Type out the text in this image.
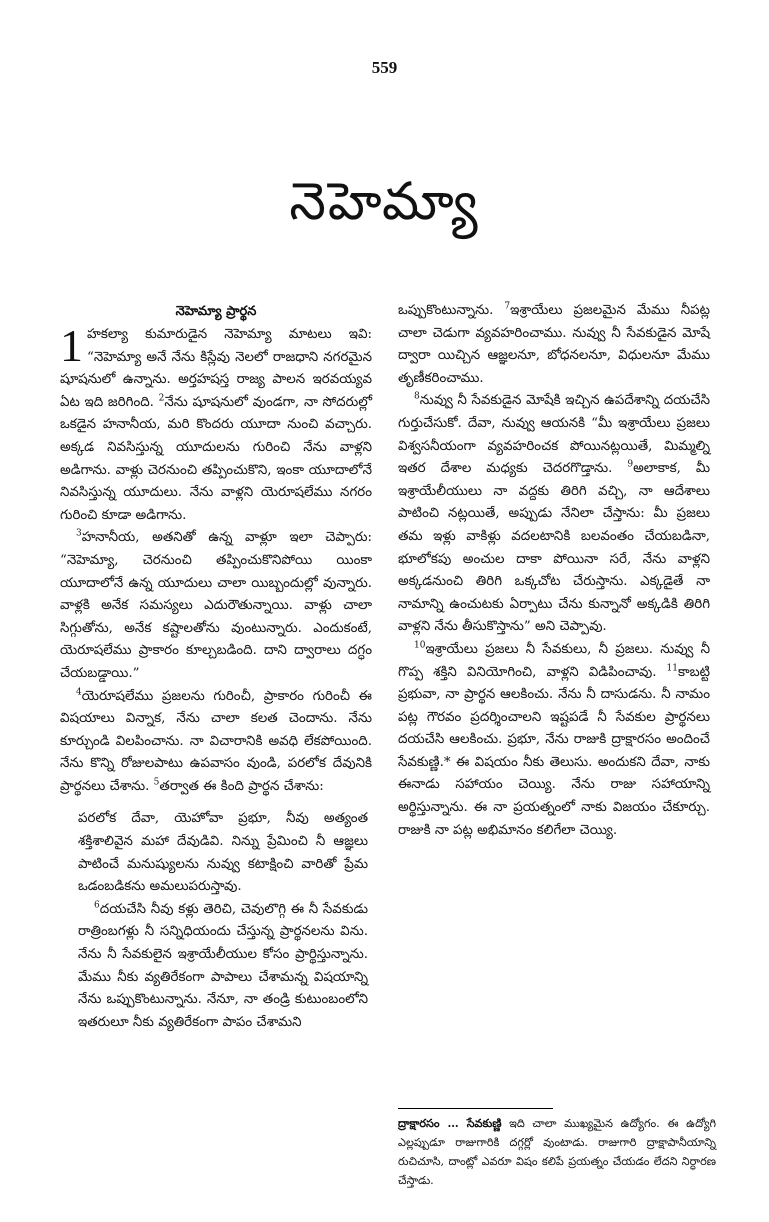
559
నెహెమ్యా
నెహెమ్యా ప్రార్థన

1 హకల్యా కుమారుడైన నెహెమ్యా మాటలు ఇవి: “నెహెమ్యా అనే నేను కిస్లేవు నెలలో రాజధాని నగరమైన షూషనులో ఉన్నాను. అర్తహషస్త రాజ్య పాలన ఇరవయ్యవ ఏట ఇది జరిగింది. $^2$నేను షూషనులో వుండగా, నా సోదరుల్లో ఒకడైన హనానీయ, మరి కొందరు యూదా నుంచి వచ్చారు. అక్కడ నివసిస్తున్న యూదులను గురించి నేను వాళ్లని అడిగాను. వాళ్లు చెరనుంచి తప్పించుకొని, ఇంకా యూదాలోనే నివసిస్తున్న యూదులు. నేను వాళ్లని యెరూషలేము నగరం గురించి కూడా అడిగాను.

$^3$హనానీయ, అతనితో ఉన్న వాళ్లూ ఇలా చెప్పారు: “నెహెమ్యా, చెరనుంచి తప్పించుకొనిపోయి యింకా యూదాలోనే ఉన్న యూదులు చాలా యిబ్బందుల్లో వున్నారు. వాళ్లకి అనేక సమస్యలు ఎదురౌతున్నాయి. వాళ్లు చాలా సిగ్గుతోను, అనేక కష్టాలతోను వుంటున్నారు. ఎందుకంటే, యెరూషలేము ప్రాకారం కూల్చబడింది. దాని ద్వారాలు దగ్ధం చేయబడ్డాయి.”

$^4$యెరూషలేము ప్రజలను గురించీ, ప్రాకారం గురించీ ఈ విషయాలు విన్నాక, నేను చాలా కలత చెందాను. నేను కూర్చుండి విలపించాను. నా విచారానికి అవధి లేకపోయింది. నేను కొన్ని రోజులపాటు ఉపవాసం వుండి, పరలోక దేవునికి ప్రార్థనలు చేశాను. $^5$తర్వాత ఈ కింది ప్రార్థన చేశాను:

పరలోక దేవా, యెహోవా ప్రభూ, నీవు అత్యంత శక్తిశాలివైన మహా దేవుడివి. నిన్ను ప్రేమించి నీ ఆజ్ఞలు పాటించే మనుష్యులను నువ్వు కటాక్షించి వారితో ప్రేమ ఒడంబడికను అమలుపరుస్తావు.

$^6$దయచేసి నీవు కళ్లు తెరిచి, చెవులొగ్గి ఈ నీ సేవకుడు రాత్రింబగళ్లు నీ సన్నిధియందు చేస్తున్న ప్రార్థనలను విను. నేను నీ సేవకులైన ఇశ్రాయేలీయుల కోసం ప్రార్థిస్తున్నాను. మేము నీకు వ్యతిరేకంగా పాపాలు చేశామన్న విషయాన్ని నేను ఒప్పుకొంటున్నాను. నేనూ, నా తండ్రి కుటుంబంలోని ఇతరులూ నీకు వ్యతిరేకంగా పాపం చేశామని

ఒప్పుకొంటున్నాను. $^7$ఇశ్రాయేలు ప్రజలమైన మేము నీపట్ల చాలా చెడుగా వ్యవహరించాము. నువ్వు నీ సేవకుడైన మోషే ద్వారా యిచ్చిన ఆజ్ఞలనూ, బోధనలనూ, విధులనూ మేము తృణీకరించాము.

$^8$నువ్వు నీ సేవకుడైన మోషేకి ఇచ్చిన ఉపదేశాన్ని దయచేసి గుర్తుచేసుకో. దేవా, నువ్వు ఆయనకి “మీ ఇశ్రాయేలు ప్రజలు విశ్వసనీయంగా వ్యవహరించక పోయినట్లయితే, మిమ్మల్ని ఇతర దేశాల మధ్యకు చెదరగొడ్తాను. $^9$అలాకాక, మీ ఇశ్రాయేలీయులు నా వద్దకు తిరిగి వచ్చి, నా ఆదేశాలు పాటించి నట్లయితే, అప్పుడు నేనిలా చేస్తాను: మీ ప్రజలు తమ ఇళ్లు వాకిళ్లు వదలటానికి బలవంతం చేయబడినా, భూలోకపు అంచుల దాకా పోయినా సరే, నేను వాళ్లని అక్కడనుంచి తిరిగి ఒక్కచోట చేరుస్తాను. ఎక్కడైతే నా నామాన్ని ఉంచుటకు ఏర్పాటు చేను కున్నానో అక్కడికి తిరిగి వాళ్లని నేను తీసుకొస్తాను” అని చెప్పావు.

$^{10}$ఇశ్రాయేలు ప్రజలు నీ సేవకులు, నీ ప్రజలు. నువ్వు నీ గొప్ప శక్తిని వినియోగించి, వాళ్లని విడిపించావు. $^{11}$కాబట్టి ప్రభువా, నా ప్రార్థన ఆలకించు. నేను నీ దాసుడను. నీ నామం పట్ల గౌరవం ప్రదర్శించాలని ఇష్టపడే నీ సేవకుల ప్రార్థనలు దయచేసి ఆలకించు. ప్రభూ, నేను రాజుకి ద్రాక్షారసం అందించే సేవకుణ్ణి.* ఈ విషయం నీకు తెలుసు. అందుకని దేవా, నాకు ఈనాడు సహాయం చెయ్యి. నేను రాజు సహాయాన్ని అర్థిస్తున్నాను. ఈ నా ప్రయత్నంలో నాకు విజయం చేకూర్చు. రాజుకి నా పట్ల అభిమానం కలిగేలా చెయ్యి.

ద్రాక్షారసం … సేవకుణ్ణి ఇది చాలా ముఖ్యమైన ఉద్యోగం. ఈ ఉద్యోగి ఎల్లప్పుడూ రాజుగారికి దగ్గర్లో వుంటాడు. రాజుగారి ద్రాక్షాపానీయాన్ని రుచిచూసి, దాంట్లో ఎవరూ విషం కలిపే ప్రయత్నం చేయడం లేదని నిర్ధారణ చేస్తాడు.
